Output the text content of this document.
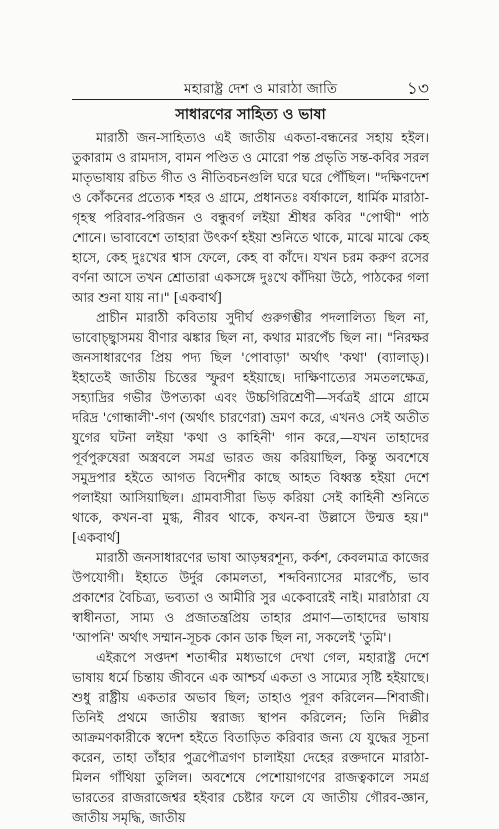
মহারাষ্ট্র দেশ ও মারাঠা জাতি	১৩
সাধারণের সাহিত্য ও ভাষা

মারাঠী জন-সাহিত্যও এই জাতীয় একতা-বন্ধনের সহায় হইল। তুকারাম ও রামদাস, বামন পণ্ডিত ও মোরো পন্ত প্রভৃতি সন্ত-কবির সরল মাতৃভাষায় রচিত গীত ও নীতিবচনগুলি ঘরে ঘরে পৌঁছিল। "দক্ষিণদেশ ও কোঁকনের প্রত্যেক শহর ও গ্রামে, প্রধানতঃ বর্ষাকালে, ধার্মিক মারাঠা-গৃহস্থ পরিবার-পরিজন ও বন্ধুবর্গ লইয়া শ্রীধর কবির "পোথী" পাঠ শোনে। ভাবাবেশে তাহারা উৎকর্ণ হইয়া শুনিতে থাকে, মাঝে মাঝে কেহ হাসে, কেহ দুঃখের শ্বাস ফেলে, কেহ বা কাঁদে। যখন চরম করুণ রসের বর্ণনা আসে তখন শ্রোতারা একসঙ্গে দুঃখে কাঁদিয়া উঠে, পাঠকের গলা আর শুনা যায় না।" [একবার্থ]

প্রাচীন মারাঠী কবিতায় সুদীর্ঘ গুরুগম্ভীর পদলালিত্য ছিল না, ভাবোচ্ছ্বাসময় বীণার ঝঙ্কার ছিল না, কথার মারপেঁচ ছিল না। "নিরক্ষর জনসাধারণের প্রিয় পদ্য ছিল 'পোবাড়া' অর্থাৎ 'কথা' (ব্যালাড্)। ইহাতেই জাতীয় চিত্তের স্ফুরণ হইয়াছে। দাক্ষিণাত্যের সমতলক্ষেত্র, সহ্যাদ্রির গভীর উপত্যকা এবং উচ্চগিরিশ্রেণী—সর্বত্রই গ্রামে গ্রামে দরিদ্র 'গোন্ধালী'-গণ (অর্থাৎ চারণেরা) ভ্রমণ করে, এখনও সেই অতীত যুগের ঘটনা লইয়া 'কথা ও কাহিনী' গান করে,—যখন তাহাদের পূর্বপুরুষেরা অস্ত্রবলে সমগ্র ভারত জয় করিয়াছিল, কিন্তু অবশেষে সমুদ্রপার হইতে আগত বিদেশীর কাছে আহত বিধ্বস্ত হইয়া দেশে পলাইয়া আসিয়াছিল। গ্রামবাসীরা ভিড় করিয়া সেই কাহিনী শুনিতে থাকে, কখন-বা মুগ্ধ, নীরব থাকে, কখন-বা উল্লাসে উন্মত্ত হয়।" [একবার্থ]

মারাঠী জনসাধারণের ভাষা আড়ম্বরশূন্য, কর্কশ, কেবলমাত্র কাজের উপযোগী। ইহাতে উর্দুর কোমলতা, শব্দবিন্যাসের মারপেঁচ, ভাব প্রকাশের বৈচিত্র্য, ভব্যতা ও আমীরি সুর একেবারেই নাই। মারাঠারা যে স্বাধীনতা, সাম্য ও প্রজাতন্ত্রপ্রিয় তাহার প্রমাণ—তাহাদের ভাষায় 'আপনি' অর্থাৎ সম্মান-সূচক কোন ডাক ছিল না, সকলেই 'তুমি'।

এইরূপে সপ্তদশ শতাব্দীর মধ্যভাগে দেখা গেল, মহারাষ্ট্র দেশে ভাষায় ধর্মে চিন্তায় জীবনে এক আশ্চর্য একতা ও সাম্যের সৃষ্টি হইয়াছে। শুধু রাষ্ট্রীয় একতার অভাব ছিল; তাহাও পূরণ করিলেন—শিবাজী। তিনিই প্রথমে জাতীয় স্বরাজ্য স্থাপন করিলেন; তিনি দিল্লীর আক্রমণকারীকে স্বদেশ হইতে বিতাড়িত করিবার জন্য যে যুদ্ধের সূচনা করেন, তাহা তাঁহার পুত্রপৌত্রগণ চালাইয়া দেহের রক্তদানে মারাঠা-মিলন গাঁথিয়া তুলিল। অবশেষে পেশোয়াগণের রাজত্বকালে সমগ্র ভারতের রাজরাজেশ্বর হইবার চেষ্টার ফলে যে জাতীয় গৌরব-জ্ঞান, জাতীয় সমৃদ্ধি, জাতীয়
